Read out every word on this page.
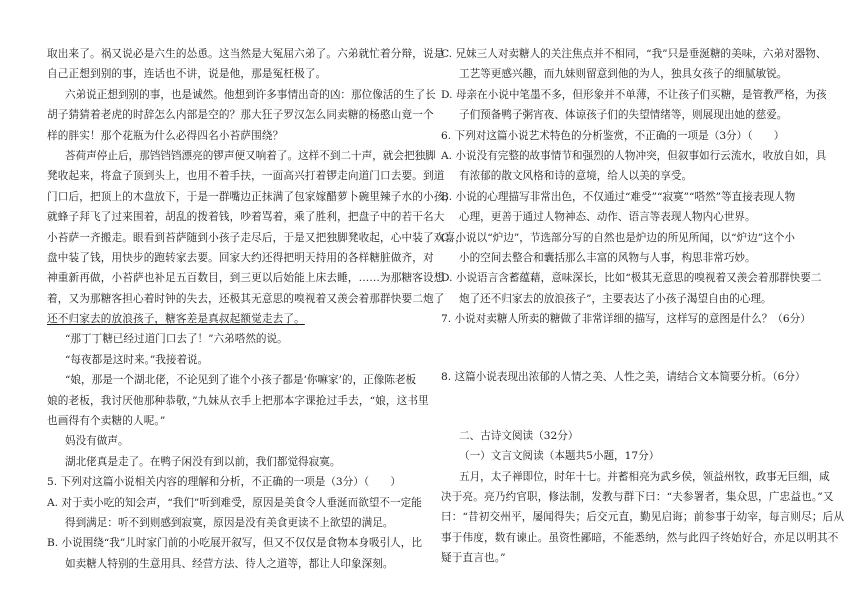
取出来了。祸又说必是六生的怂恿。这当然是大冤屈六弟了。六弟就忙着分辩，说是
自己正想到别的事，连话也不讲，说是他，那是冤枉极了。
六弟说正想到别的事，也是诚然。他想到许多事情出奇的凶：那位像活的生了长
胡子猜猜着老虎的时辞怎么内部是空的？那大狂子罗汉怎么同卖糖的杨憨山竟一个
样的胖实！那个花瓶为什么必得四名小苔萨围绕？
荅荷声停止后，那铛铛铛漂亮的锣声便又响着了。这样不到二十声，就会把独脚
凳收起来，将盒子顶到头上，也用不着手扶，一面高兴打着锣走向道门口去要。到道
门口后，把顶上的木盘放下，于是一群嘴边正抹满了包家嫁醋萝卜碗里辣子水的小孩，
就蜂子拜飞了过来围着，胡乱的拨着钱，吵着骂着，乘了胜利，把盘子中的若干名大
小苔萨一齐搬走。眼看到苔萨随到小孩子走尽后，于是又把独脚凳收起，心中装了欢喜，
盘中装了钱，用快步的跑转家去要。回家大约还得把明天持用的各样糖脏做齐，对
神重新再做，小苔萨也补足五百数目，到三更以后始能上床去睡，……为那糖客设想
着，又为那糖客担心着时钟的失去，还极其无意思的嗅视着又羡会着那群快要二炮了
还不归家去的放浪孩子，糖客差是真叔起额觉走去了。
“那丁丁糖已经过道门口去了！”六弟嗒然的说。
“每夜都是这时来。”我接着说。
“娘，那是一个湖北佬，不论见到了谁个小孩子都是‘你嘛家’的，正像陈老板
娘的老板，我讨厌他那种恭敬，”九妹从衣手上把那本字课抢过手去，“娘，这书里
也画得有个卖糖的人呢。”
妈没有做声。
湖北佬真是走了。在鸭子闲没有到以前，我们都觉得寂寞。
5. 下列对这篇小说相关内容的理解和分析，不正确的一项是（3分）（　　）
A. 对于卖小吃的知会声，“我们”听到难受，原因是美食令人垂涎而欲望不一定能
得到满足：听不到则感到寂寞，原因是没有美食更读不上欲望的满足。
B. 小说围绕“我”儿时家门前的小吃展开叙写，但又不仅仅是食物本身吸引人，比
如卖糖人特别的生意用具、经营方法、待人之道等，都让人印象深刻。
C. 兄妹三人对卖糖人的关注焦点并不相同，“我”只是垂涎糖的美味，六弟对器物、
工艺等更感兴趣，而九妹则留意到他的为人，独具女孩子的细腻敏锐。
D. 母亲在小说中笔墨不多，但形象并不单薄，不让孩子们买糖，是管教严格，为孩
子们预备鸭子粥宵夜、体谅孩子们的失望情绪等，则展现出她的慈爱。
6. 下列对这篇小说艺术特色的分析鉴赏，不正确的一项是（3分）（　　）
A. 小说没有完整的故事情节和强烈的人物冲突，但叙事如行云流水，收放自如，具
有浓郁的散文风格和诗的意境，给人以美的享受。
B. 小说的心理描写非常出色，不仅通过“难受”“寂寞”“嗒然”等直接表现人物
心理，更善于通过人物神态、动作、语言等表现人物内心世界。
C. 小说以“炉边”，节选部分写的自然也是炉边的所见所闻，以“炉边”这个小
小的空间去整合和囊括那么丰富的风物与人事，构思非常巧妙。
D. 小说语言含蓄蕴藉，意味深长，比如“极其无意思的嗅视着又羡会着那群快要二
炮了还不归家去的放浪孩子”，主要表达了小孩子渴望自由的心理。
7. 小说对卖糖人所卖的糖做了非常详细的描写，这样写的意图是什么？（6分）
8. 这篇小说表现出浓郁的人情之美、人性之美，请结合文本简要分析。（6分）
二、古诗文阅读（32分）
（一）文言文阅读（本题共5小题，17分）
五月，太子禅即位，时年十七。并蓄相亮为武乡侯，领益州牧，政事无巨细，咸
决于亮。亮乃约官职，修法制，发教与群下曰：“夫参署者，集众思，广忠益也。”又
曰：“昔初交州平，屡闻得失；后交元直，勤见启诲；前参事于幼宰，每言则尽；后从
事于伟度，数有谏止。虽资性鄙暗，不能悉纳，然与此四子终始好合，亦足以明其不
疑于直言也。”
